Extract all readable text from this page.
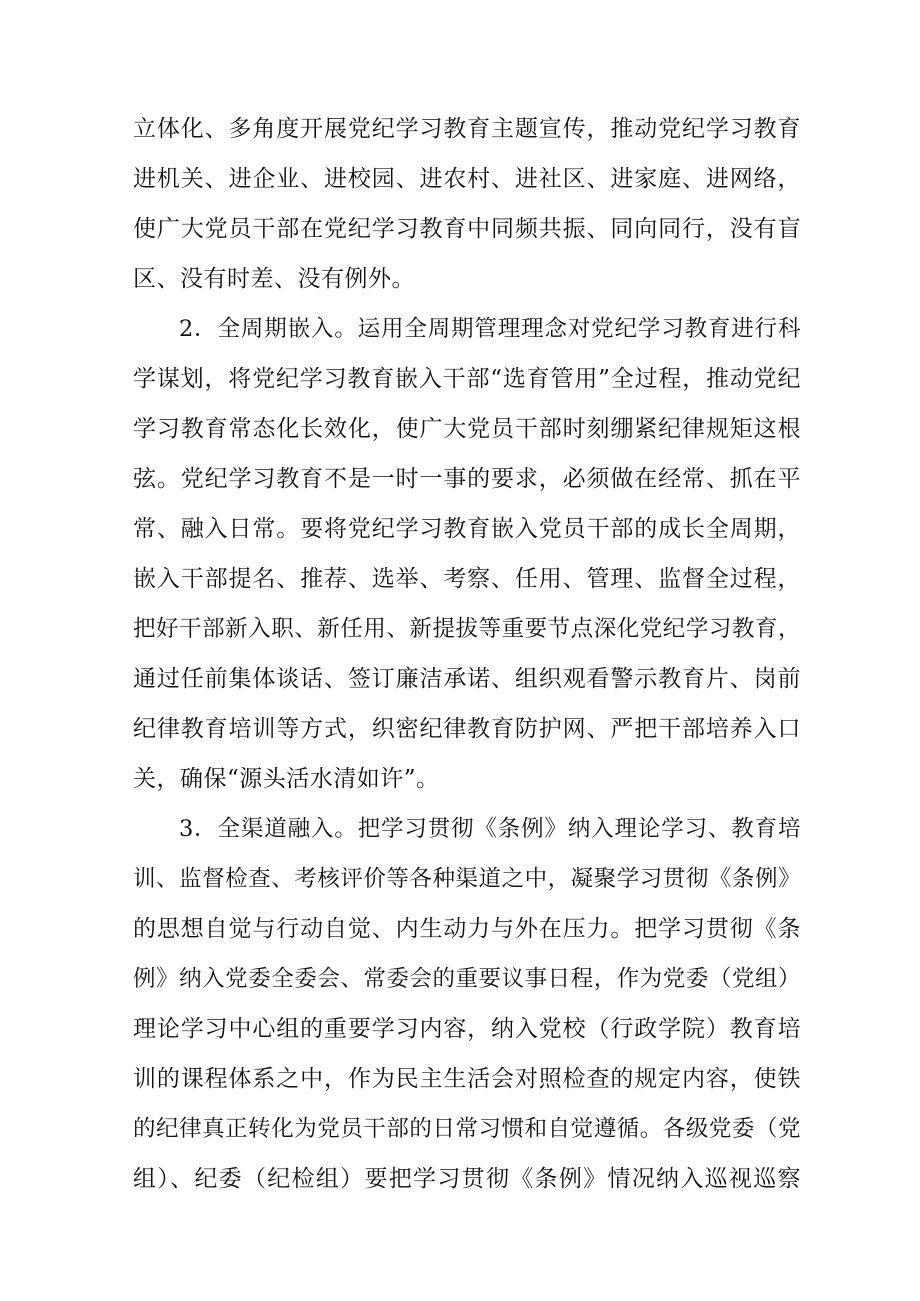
立体化、多角度开展党纪学习教育主题宣传，推动党纪学习教育
进机关、进企业、进校园、进农村、进社区、进家庭、进网络，
使广大党员干部在党纪学习教育中同频共振、同向同行，没有盲
区、没有时差、没有例外。
2．全周期嵌入。运用全周期管理理念对党纪学习教育进行科
学谋划，将党纪学习教育嵌入干部“选育管用”全过程，推动党纪
学习教育常态化长效化，使广大党员干部时刻绷紧纪律规矩这根
弦。党纪学习教育不是一时一事的要求，必须做在经常、抓在平
常、融入日常。要将党纪学习教育嵌入党员干部的成长全周期，
嵌入干部提名、推荐、选举、考察、任用、管理、监督全过程，
把好干部新入职、新任用、新提拔等重要节点深化党纪学习教育，
通过任前集体谈话、签订廉洁承诺、组织观看警示教育片、岗前
纪律教育培训等方式，织密纪律教育防护网、严把干部培养入口
关，确保“源头活水清如许”。
3．全渠道融入。把学习贯彻《条例》纳入理论学习、教育培
训、监督检查、考核评价等各种渠道之中，凝聚学习贯彻《条例》
的思想自觉与行动自觉、内生动力与外在压力。把学习贯彻《条
例》纳入党委全委会、常委会的重要议事日程，作为党委（党组）
理论学习中心组的重要学习内容，纳入党校（行政学院）教育培
训的课程体系之中，作为民主生活会对照检查的规定内容，使铁
的纪律真正转化为党员干部的日常习惯和自觉遵循。各级党委（党
组）、纪委（纪检组）要把学习贯彻《条例》情况纳入巡视巡察
